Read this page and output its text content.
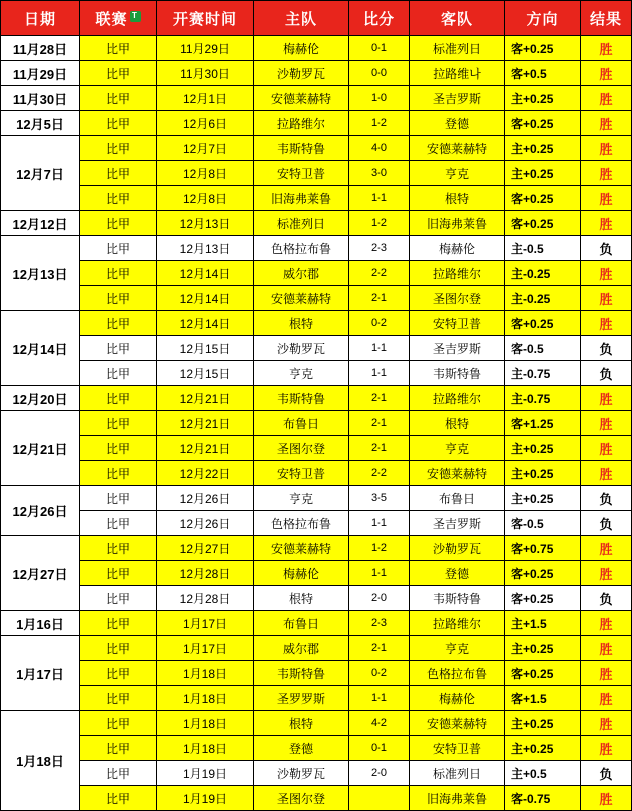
日期	联赛 T	开赛时间	主队	比分	客队	方向	结果
11月28日	比甲	11月29日	梅赫伦	0-1	标准列日	客+0.25	胜
11月29日	比甲	11月30日	沙勒罗瓦	0-0	拉路维나	客+0.5	胜
11月30日	比甲	12月1日	安德莱赫特	1-0	圣吉罗斯	主+0.25	胜
12月5日	比甲	12月6日	拉路维尔	1-2	登德	客+0.25	胜
12月7日	比甲	12月7日	韦斯特鲁	4-0	安德莱赫特	主+0.25	胜
	比甲	12月8日	安特卫普	3-0	亨克	主+0.25	胜
	比甲	12月8日	旧海弗莱鲁	1-1	根特	客+0.25	胜
12月12日	比甲	12月13日	标准列日	1-2	旧海弗莱鲁	客+0.25	胜
12月13日	比甲	12月13日	色格拉布鲁	2-3	梅赫伦	主-0.5	负
	比甲	12月14日	威尔郡	2-2	拉路维尔	主-0.25	胜
	比甲	12月14日	安德莱赫特	2-1	圣图尔登	主-0.25	胜
12月14日	比甲	12月14日	根特	0-2	安特卫普	客+0.25	胜
	比甲	12月15日	沙勒罗瓦	1-1	圣吉罗斯	客-0.5	负
	比甲	12月15日	亨克	1-1	韦斯特鲁	主-0.75	负
12月20日	比甲	12月21日	韦斯特鲁	2-1	拉路维尔	主-0.75	胜
12月21日	比甲	12月21日	布鲁日	2-1	根特	客+1.25	胜
	比甲	12月21日	圣图尔登	2-1	亨克	主+0.25	胜
	比甲	12月22日	安特卫普	2-2	安德莱赫特	主+0.25	胜
12月26日	比甲	12月26日	亨克	3-5	布鲁日	主+0.25	负
	比甲	12月26日	色格拉布鲁	1-1	圣吉罗斯	客-0.5	负
12月27日	比甲	12月27日	安德莱赫特	1-2	沙勒罗瓦	客+0.75	胜
	比甲	12月28日	梅赫伦	1-1	登德	客+0.25	胜
	比甲	12月28日	根特	2-0	韦斯特鲁	客+0.25	负
1月16日	比甲	1月17日	布鲁日	2-3	拉路维尔	主+1.5	胜
1月17日	比甲	1月17日	威尔郡	2-1	亨克	主+0.25	胜
	比甲	1月18日	韦斯特鲁	0-2	色格拉布鲁	客+0.25	胜
	比甲	1月18日	圣罗罗斯	1-1	梅赫伦	客+1.5	胜
1月18日	比甲	1月18日	根特	4-2	安德莱赫特	主+0.25	胜
	比甲	1月18日	登德	0-1	安特卫普	主+0.25	胜
	比甲	1月19日	沙勒罗瓦	2-0	标准列日	主+0.5	负
	比甲	1月19日	圣图尔登		旧海弗莱鲁	客-0.75	胜
